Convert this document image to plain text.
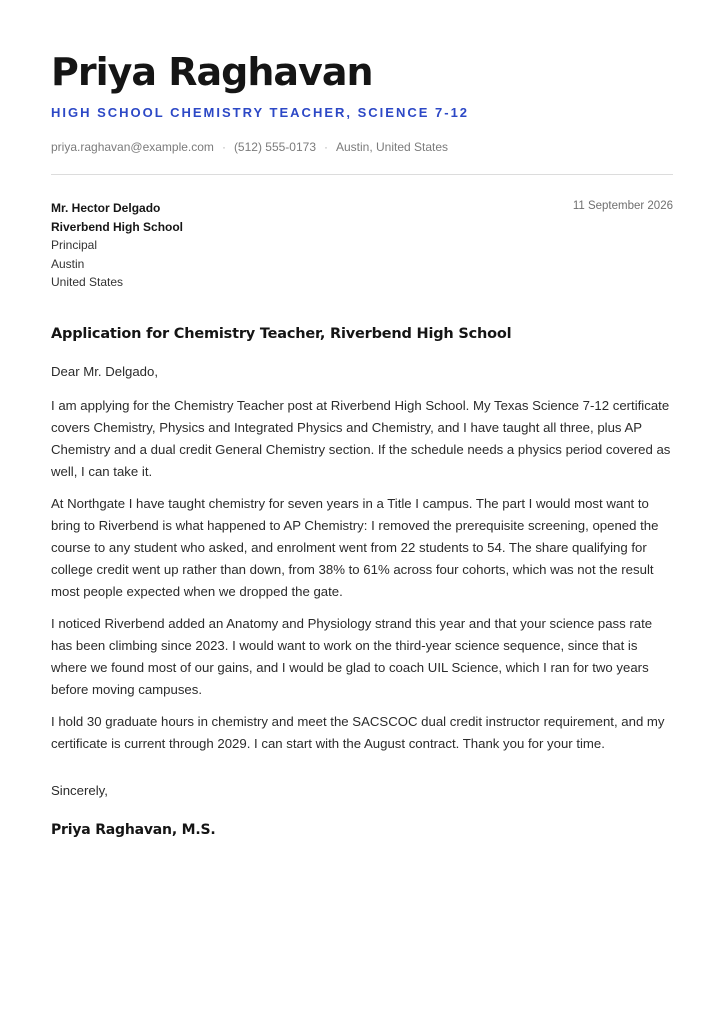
Priya Raghavan
HIGH SCHOOL CHEMISTRY TEACHER, SCIENCE 7-12
priya.raghavan@example.com · (512) 555-0173 · Austin, United States
Mr. Hector Delgado
Riverbend High School
Principal
Austin
United States
11 September 2026
Application for Chemistry Teacher, Riverbend High School

Dear Mr. Delgado,

I am applying for the Chemistry Teacher post at Riverbend High School. My Texas Science 7-12 certificate covers Chemistry, Physics and Integrated Physics and Chemistry, and I have taught all three, plus AP Chemistry and a dual credit General Chemistry section. If the schedule needs a physics period covered as well, I can take it.

At Northgate I have taught chemistry for seven years in a Title I campus. The part I would most want to bring to Riverbend is what happened to AP Chemistry: I removed the prerequisite screening, opened the course to any student who asked, and enrolment went from 22 students to 54. The share qualifying for college credit went up rather than down, from 38% to 61% across four cohorts, which was not the result most people expected when we dropped the gate.

I noticed Riverbend added an Anatomy and Physiology strand this year and that your science pass rate has been climbing since 2023. I would want to work on the third-year science sequence, since that is where we found most of our gains, and I would be glad to coach UIL Science, which I ran for two years before moving campuses.

I hold 30 graduate hours in chemistry and meet the SACSCOC dual credit instructor requirement, and my certificate is current through 2029. I can start with the August contract. Thank you for your time.

Sincerely,
Priya Raghavan, M.S.
